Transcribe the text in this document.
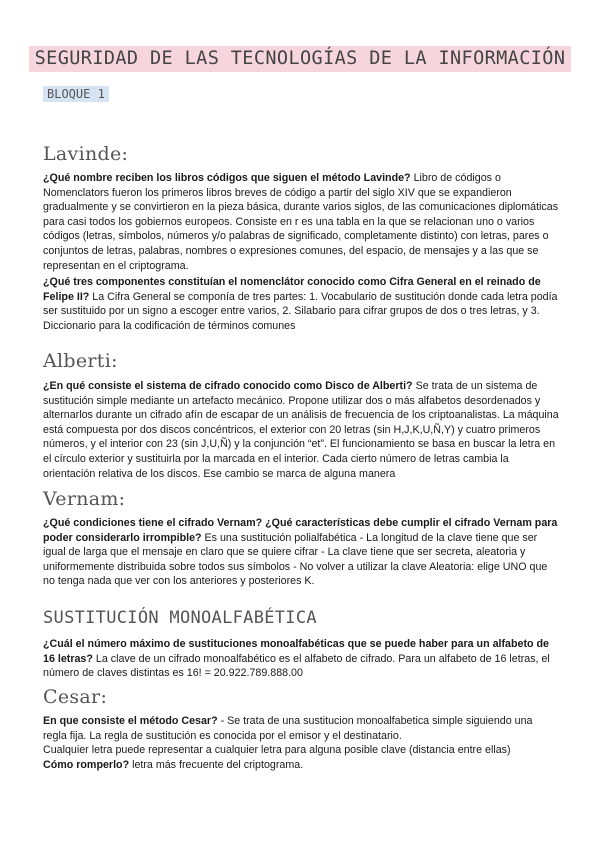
SEGURIDAD DE LAS TECNOLOGÍAS DE LA INFORMACIÓN
BLOQUE 1
Lavinde:

¿Qué nombre reciben los libros códigos que siguen el método Lavinde? Libro de códigos o Nomenclators fueron los primeros libros breves de código a partir del siglo XIV que se expandieron gradualmente y se convirtieron en la pieza básica, durante varios siglos, de las comunicaciones diplomáticas para casi todos los gobiernos europeos. Consiste en r es una tabla en la que se relacionan uno o varios códigos (letras, símbolos, números y/o palabras de significado, completamente distinto) con letras, pares o conjuntos de letras, palabras, nombres o expresiones comunes, del espacio, de mensajes y a las que se representan en el criptograma.

¿Qué tres componentes constituían el nomenclátor conocido como Cifra General en el reinado de Felipe II? La Cifra General se componía de tres partes: 1. Vocabulario de sustitución donde cada letra podía ser sustituido por un signo a escoger entre varios, 2. Silabario para cifrar grupos de dos o tres letras, y 3. Diccionario para la codificación de términos comunes

Alberti:

¿En qué consiste el sistema de cifrado conocido como Disco de Alberti? Se trata de un sistema de sustitución simple mediante un artefacto mecánico. Propone utilizar dos o más alfabetos desordenados y alternarlos durante un cifrado afín de escapar de un análisis de frecuencia de los criptoanalistas. La máquina está compuesta por dos discos concéntricos, el exterior con 20 letras (sin H,J,K,U,Ñ,Y) y cuatro primeros números, y el interior con 23 (sin J,U,Ñ) y la conjunción “et”. El funcionamiento se basa en buscar la letra en el círculo exterior y sustituirla por la marcada en el interior. Cada cierto número de letras cambia la orientación relativa de los discos. Ese cambio se marca de alguna manera

Vernam:

¿Qué condiciones tiene el cifrado Vernam? ¿Qué características debe cumplir el cifrado Vernam para poder considerarlo irrompible? Es una sustitución polialfabética - La longitud de la clave tiene que ser igual de larga que el mensaje en claro que se quiere cifrar - La clave tiene que ser secreta, aleatoria y uniformemente distribuida sobre todos sus símbolos - No volver a utilizar la clave Aleatoria: elige UNO que no tenga nada que ver con los anteriores y posteriores K.

SUSTITUCIÓN MONOALFABÉTICA

¿Cuál el número máximo de sustituciones monoalfabéticas que se puede haber para un alfabeto de 16 letras? La clave de un cifrado monoalfabético es el alfabeto de cifrado. Para un alfabeto de 16 letras, el número de claves distintas es 16! = 20.922.789.888.00

Cesar:

En que consiste el método Cesar? - Se trata de una sustitucion monoalfabetica simple siguiendo una regla fija. La regla de sustitución es conocida por el emisor y el destinatario.
Cualquier letra puede representar a cualquier letra para alguna posible clave (distancia entre ellas)
Cómo romperlo? letra más frecuente del criptograma.
